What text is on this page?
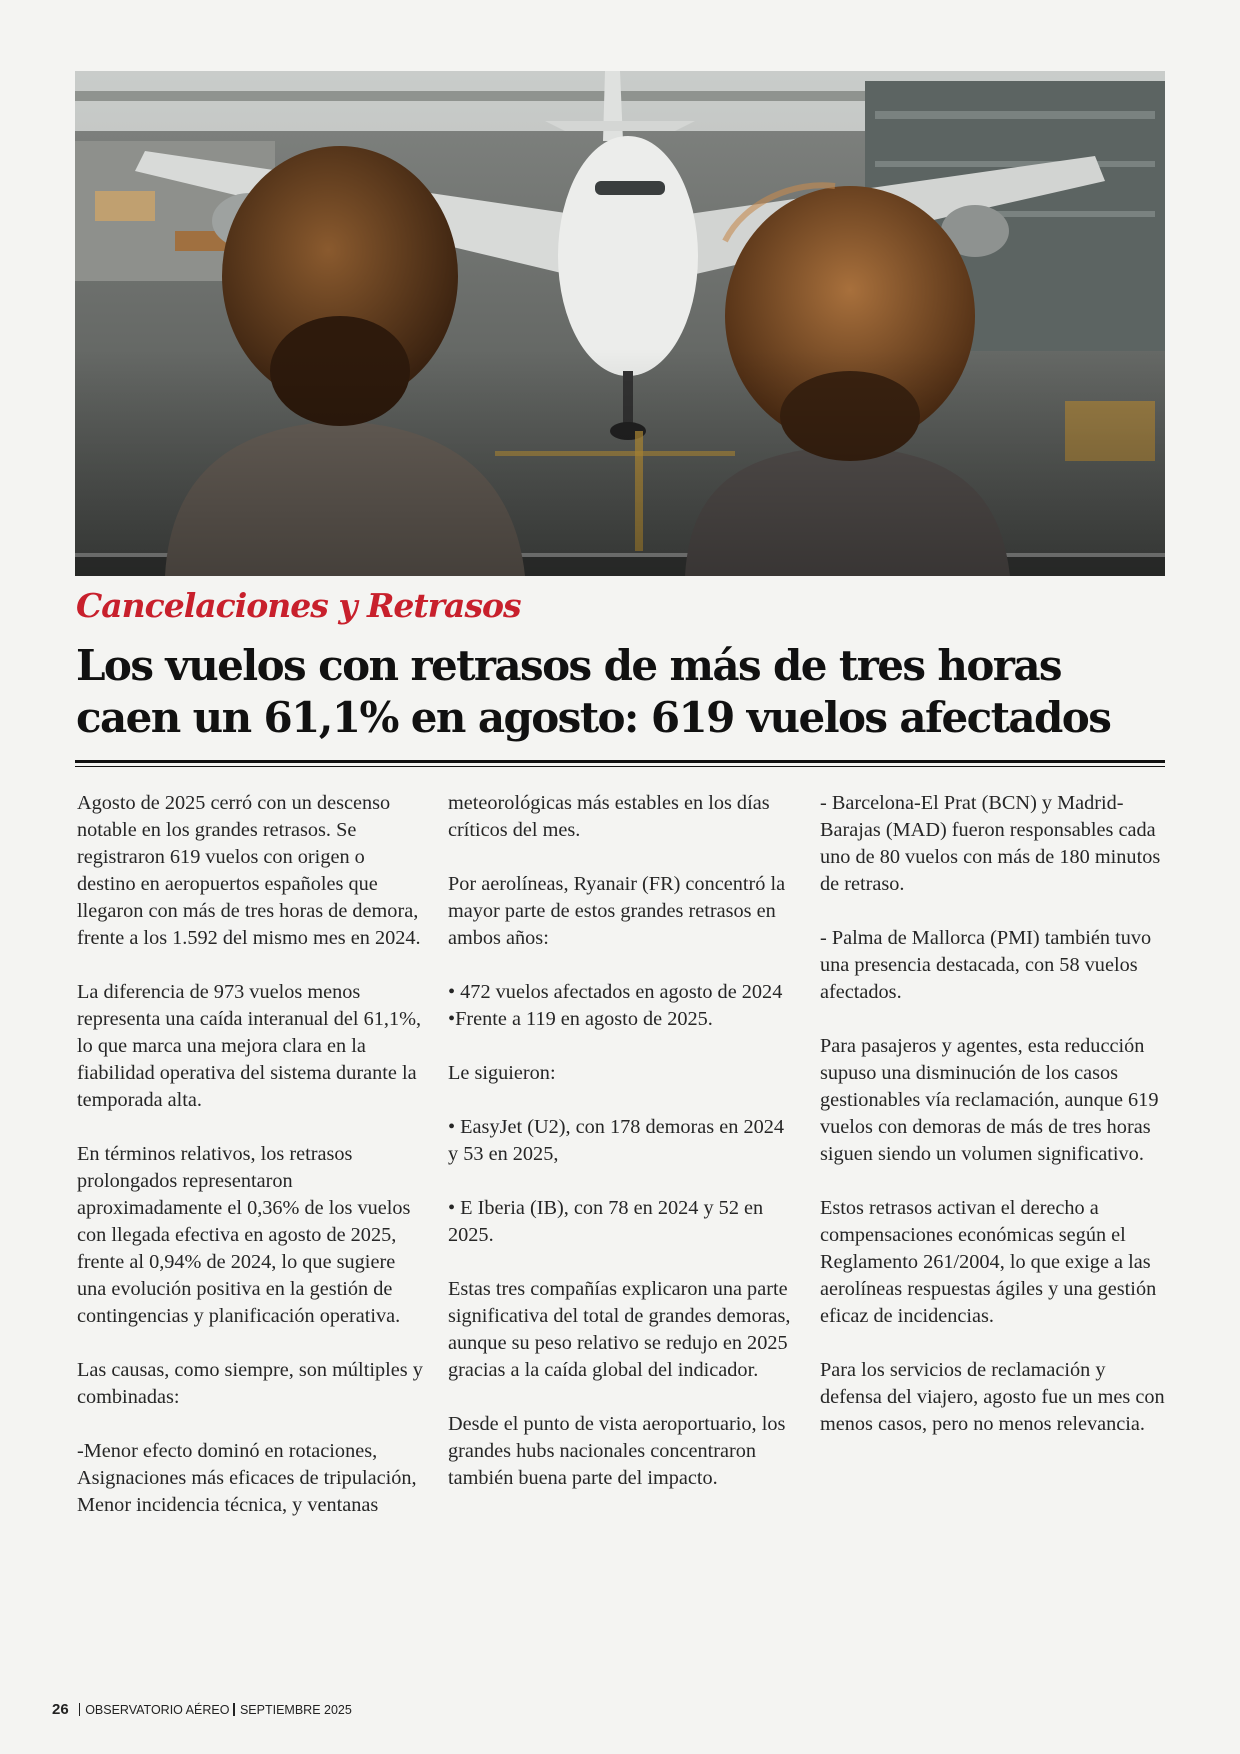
Cancelaciones y Retrasos
Los vuelos con retrasos de más de tres horas caen un 61,1% en agosto: 619 vuelos afectados

Agosto de 2025 cerró con un descenso notable en los grandes retrasos. Se registraron 619 vuelos con origen o destino en aeropuertos españoles que llegaron con más de tres horas de demora, frente a los 1.592 del mismo mes en 2024.

La diferencia de 973 vuelos menos representa una caída interanual del 61,1%, lo que marca una mejora clara en la fiabilidad operativa del sistema durante la temporada alta.

En términos relativos, los retrasos prolongados representaron aproximadamente el 0,36% de los vuelos con llegada efectiva en agosto de 2025, frente al 0,94% de 2024, lo que sugiere una evolución positiva en la gestión de contingencias y planificación operativa.

Las causas, como siempre, son múltiples y combinadas:

-Menor efecto dominó en rotaciones, Asignaciones más eficaces de tripulación, Menor incidencia técnica, y ventanas

meteorológicas más estables en los días críticos del mes.

Por aerolíneas, Ryanair (FR) concentró la mayor parte de estos grandes retrasos en ambos años:

• 472 vuelos afectados en agosto de 2024 •Frente a 119 en agosto de 2025.

Le siguieron:

• EasyJet (U2), con 178 demoras en 2024 y 53 en 2025,

• E Iberia (IB), con 78 en 2024 y 52 en 2025.

Estas tres compañías explicaron una parte significativa del total de grandes demoras, aunque su peso relativo se redujo en 2025 gracias a la caída global del indicador.

Desde el punto de vista aeroportuario, los grandes hubs nacionales concentraron también buena parte del impacto.

- Barcelona-El Prat (BCN) y Madrid-Barajas (MAD) fueron responsables cada uno de 80 vuelos con más de 180 minutos de retraso.

- Palma de Mallorca (PMI) también tuvo una presencia destacada, con 58 vuelos afectados.

Para pasajeros y agentes, esta reducción supuso una disminución de los casos gestionables vía reclamación, aunque 619 vuelos con demoras de más de tres horas siguen siendo un volumen significativo.

Estos retrasos activan el derecho a compensaciones económicas según el Reglamento 261/2004, lo que exige a las aerolíneas respuestas ágiles y una gestión eficaz de incidencias.

Para los servicios de reclamación y defensa del viajero, agosto fue un mes con menos casos, pero no menos relevancia.

26 OBSERVATORIO AÉREO SEPTIEMBRE 2025
